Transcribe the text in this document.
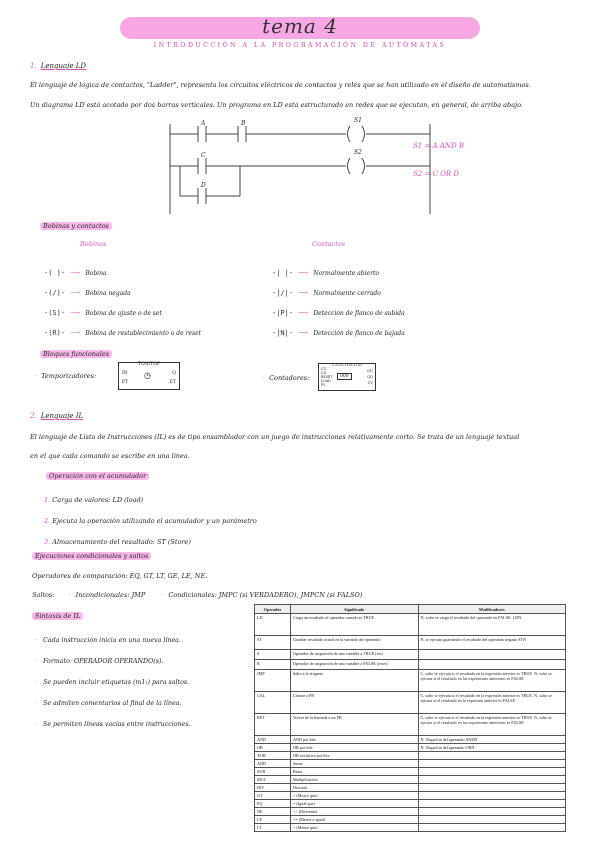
tema 4
INTRODUCCIÓN A LA PROGRAMACIÓN DE AUTÓMATAS
1. Lenguaje LD
El lenguaje de lógica de contactos, "Ladder", representa los circuitos eléctricos de contactos y relés que se han utilizado en el diseño de automatismos.
Un diagrama LD está acotado por dos barras verticales. Un programa en LD está estructurado en redes que se ejecutan, en general, de arriba abajo.
A	B
C
D
S1
S2
S1 = A AND B
S2 = C OR D
Bobinas y contactos
Bobinas	Contactos
-( )- ⟶ Bobina
-(/)- ⟶ Bobina negada
-(S)- ⟶ Bobina de ajuste o de set
-(R)- ⟶ Bobina de restablecimiento o de reset
-| |- ⟶ Normalmente abierto
-|/|- ⟶ Normalmente cerrado
-|P|- ⟶ Detección de flanco de subida
-|N|- ⟶ Detección de flanco de bajada
Bloques funcionales
· Temporizadores:
TON/TOF
IN
PT
Q
ET
◷	· Contadores:
CTU/CTD/CTUD
CU
CD
RESET
LOAD
PV
000
QU
QD
CV
2. Lenguaje IL
El lenguaje de Lista de Instrucciones (IL) es de tipo ensamblador con un juego de instrucciones relativamente corto. Se trata de un lenguaje textual
en el que cada comando se escribe en una línea.
Operación con el acumulador
1. Carga de valores: LD (load)
2. Ejecuta la operación utilizando el acumulador y un parámetro
3. Almacenamiento del resultado: ST (Store)
Ejecuciones condicionales y saltos
Operadores de comparación: EQ, GT, LT, GE, LE, NE.
Saltos: · Incondicionales: JMP · Condicionales: JMPC (si VERDADERO), JMPCN (si FALSO)
Sintaxis de IL
· Cada instrucción inicia en una nueva línea.
· Formato: OPERADOR OPERANDO(s).
· Se pueden incluir etiquetas (m1:) para saltos.
· Se admiten comentarios al final de la línea.
· Se permiten líneas vacías entre instrucciones.
Operador	Significado	Modificadores
LD	Carga un resultado al operador cuando es TRUE	N, valor se carga el resultado del operando en FALSE. LDN
ST	Guardar resultado actual en la variable del operando	N, se ejecuta guardando el resultado del operando negado STN
S	Operador de asignación de una variable a TRUE (set)	
R	Operador de asignación de una variable a FALSE (reset)	
JMP	Salto a la etiqueta	C, salto se ejecuta si el resultado en la expresión anterior es TRUE. N, salto se ejecuta si el resultado en las expresiones anteriores es FALSE
CAL	Llamar a FB	C, salto se ejecuta si el resultado en la expresión anterior es TRUE. N, salto se ejecuta si el resultado en la expresión anterior es FALSE
RET	Volver de la llamada a un FB	C, salto se ejecuta si el resultado en la expresión anterior es TRUE. N, salto se ejecuta si el resultado en las expresiones anteriores es FALSE
AND	AND por bits	N, Negación del operando ANDN
OR	OR por bits	N, Negación del operando ORN
XOR	OR exclusiva por bits	
ADD	Suma	
SUB	Resta	
MUL	Multiplicación	
DIV	División	
GT	> (Mayor que)	
EQ	= (Igual que)	
NE	<> (Diferente)	
LE	<= (Menor o igual)	
LT	< (Menor que)	
